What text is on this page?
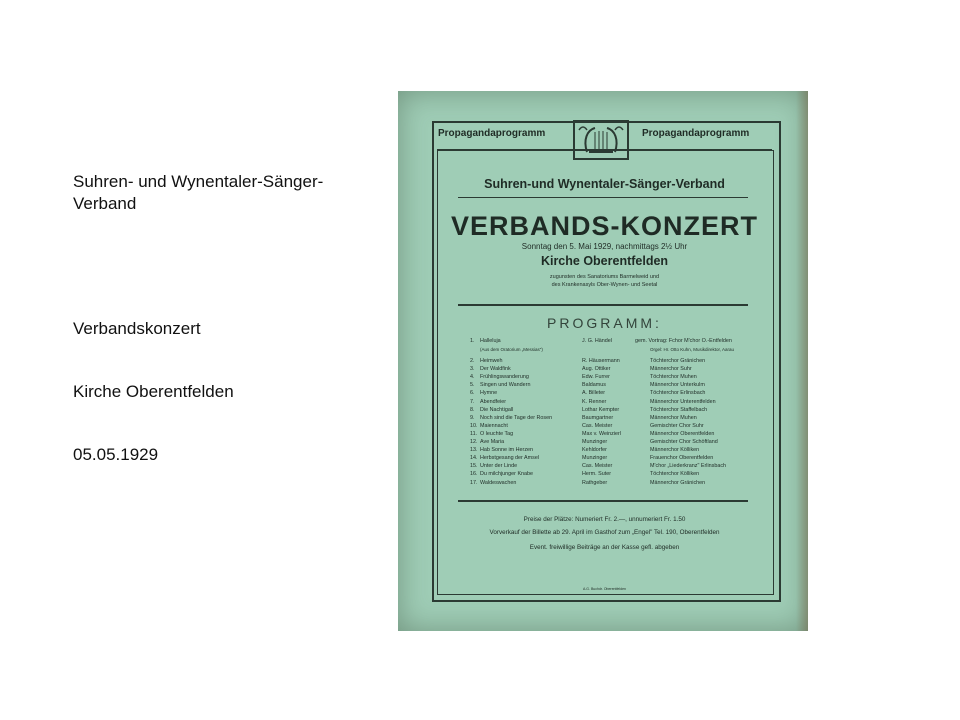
Suhren- und Wynentaler-Sänger-Verband
Verbandskonzert
Kirche Oberentfelden
05.05.1929
Propagandaprogramm	Propagandaprogramm
Suhren-und Wynentaler-Sänger-Verband
VERBANDS-KONZERT
Sonntag den 5. Mai 1929, nachmittags 2½ Uhr
Kirche Oberentfelden
zugunsten des Sanatoriums Barmelweid und
des Krankenasyls Ober-Wynen- und Seetal
PROGRAMM:
1. Halleluja	J. G. Händel	gem. Vortrag: Fchor M'chor O.-Entfelden
(Aus dem Oratorium „Messias")	Orgel: Hr. Otto Kuhn, Musikdirektor, Aarau
2. Heimweh	R. Häusermann	Töchterchor Gränichen
3. Der Waldfink	Aug. Ottiker	Männerchor Suhr
4. Frühlingswanderung	Edw. Furrer	Töchterchor Muhen
5. Singen und Wandern	Baldamus	Männerchor Unterkulm
6. Hymne	A. Billeter	Töchterchor Erlinsbach
7. Abendfeier	K. Renner	Männerchor Unterentfelden
8. Die Nachtigall	Lothar Kempter	Töchterchor Staffelbach
9. Noch sind die Tage der Rosen	Baumgartner	Männerchor Muhen
10. Maiennacht	Cas. Meister	Gemischter Chor Suhr
11. O leuchte Tag	Max v. Weinzierl	Männerchor Oberentfelden
12. Ave Maria	Munzinger	Gemischter Chor Schöftland
13. Hab Sonne im Herzen	Kehldorfer	Männerchor Kölliken
14. Herbstgesang der Amsel	Munzinger	Frauenchor Oberentfelden
15. Unter der Linde	Cas. Meister	M'chor „Liederkranz" Erlinsbach
16. Du milchjunger Knabe	Herm. Suter	Töchterchor Kölliken
17. Waldeswachen	Rathgeber	Männerchor Gränichen
Preise der Plätze: Numeriert Fr. 2.—, unnumeriert Fr. 1.50
Vorverkauf der Billette ab 29. April im Gasthof zum „Engel" Tel. 190, Oberentfelden
Event. freiwillige Beiträge an der Kasse gefl. abgeben
A.G. Buchdr. Oberentfelden
